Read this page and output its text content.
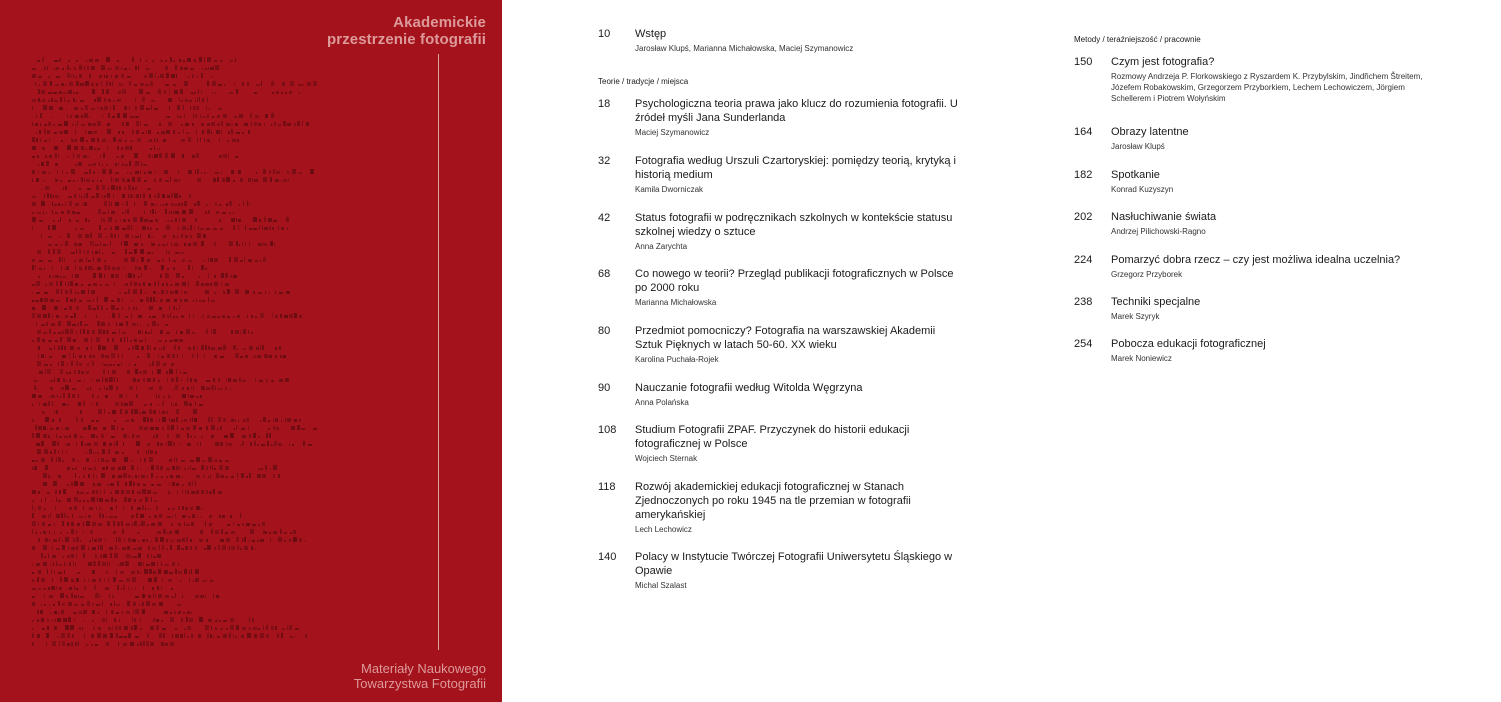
Akademickie
przestrzenie fotografii

Materiały Naukowego
Towarzystwa Fotografii

10	Wstęp
Jarosław Klupś, Marianna Michałowska, Maciej Szymanowicz
Teorie / tradycje / miejsca
18	Psychologiczna teoria prawa jako klucz do rozumienia fotografii. U źródeł myśli Jana Sunderlanda
Maciej Szymanowicz
32	Fotografia według Urszuli Czartoryskiej: pomiędzy teorią, krytyką i historią medium
Kamila Dworniczak
42	Status fotografii w podręcznikach szkolnych w kontekście statusu szkolnej wiedzy o sztuce
Anna Zarychta
68	Co nowego w teorii? Przegląd publikacji fotograficznych w Polsce po 2000 roku
Marianna Michałowska
80	Przedmiot pomocniczy? Fotografia na warszawskiej Akademii Sztuk Pięknych w latach 50-60. XX wieku
Karolina Puchała-Rojek
90	Nauczanie fotografii według Witolda Węgrzyna
Anna Polańska
108	Studium Fotografii ZPAF. Przyczynek do historii edukacji fotograficznej w Polsce
Wojciech Sternak
118	Rozwój akademickiej edukacji fotograficznej w Stanach Zjednoczonych po roku 1945 na tle przemian w fotografii amerykańskiej
Lech Lechowicz
140	Polacy w Instytucie Twórczej Fotografii Uniwersytetu Śląskiego w Opawie
Michal Szalast
Metody / teraźniejszość / pracownie
150	Czym jest fotografia?
Rozmowy Andrzeja P. Florkowskiego z Ryszardem K. Przybylskim, Jindřichem Štreitem, Józefem Robakowskim, Grzegorzem Przyborkiem, Lechem Lechowiczem, Jörgiem Schellerem i Piotrem Wołyńskim
164	Obrazy latentne
Jarosław Klupś
182	Spotkanie
Konrad Kuzyszyn
202	Nasłuchiwanie świata
Andrzej Pilichowski-Ragno
224	Pomarzyć dobra rzecz – czy jest możliwa idealna uczelnia?
Grzegorz Przyborek
238	Techniki specjalne
Marek Szyryk
254	Pobocza edukacji fotograficznej
Marek Noniewicz
